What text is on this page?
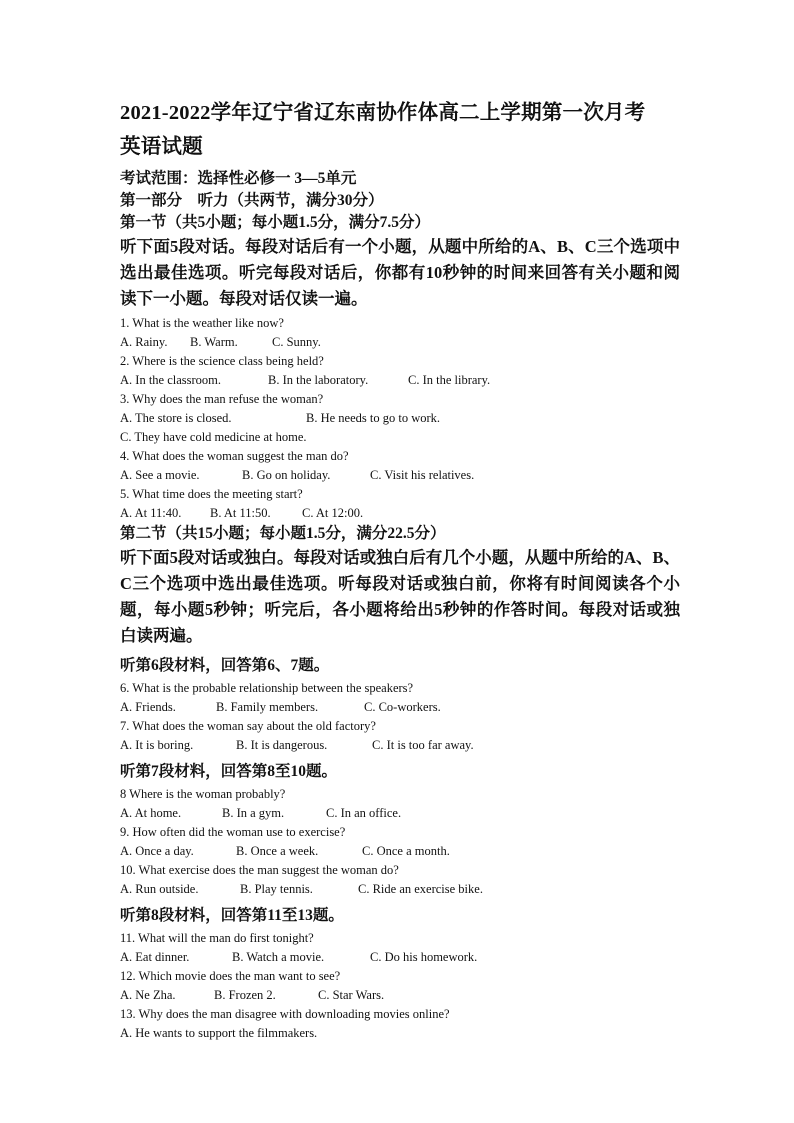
2021-2022学年辽宁省辽东南协作体高二上学期第一次月考

英语试题

考试范围：选择性必修一 3—5单元

第一部分　听力（共两节，满分30分）

第一节（共5小题；每小题1.5分，满分7.5分）

听下面5段对话。每段对话后有一个小题，从题中所给的A、B、C三个选项中选出最佳选项。听完每段对话后，你都有10秒钟的时间来回答有关小题和阅读下一小题。每段对话仅读一遍。

1. What is the weather like now?

A. Rainy. B. Warm.	C. Sunny.

2. Where is the science class being held?

A. In the classroom.	B. In the laboratory.	C. In the library.

3. Why does the man refuse the woman?

A. The store is closed.	B. He needs to go to work.

C. They have cold medicine at home.

4. What does the woman suggest the man do?

A. See a movie.	B. Go on holiday.	C. Visit his relatives.

5. What time does the meeting start?

A. At 11:40. B. At 11:50.	C. At 12:00.

第二节（共15小题；每小题1.5分，满分22.5分）

听下面5段对话或独白。每段对话或独白后有几个小题，从题中所给的A、B、C三个选项中选出最佳选项。听每段对话或独白前，你将有时间阅读各个小题，每小题5秒钟；听完后，各小题将给出5秒钟的作答时间。每段对话或独白读两遍。

听第6段材料，回答第6、7题。

6. What is the probable relationship between the speakers?

A. Friends.	B. Family members.	C. Co-workers.

7. What does the woman say about the old factory?

A. It is boring.	B. It is dangerous.	C. It is too far away.

听第7段材料，回答第8至10题。

8 Where is the woman probably?

A. At home.	B. In a gym.	C. In an office.

9. How often did the woman use to exercise?

A. Once a day.	B. Once a week.	C. Once a month.

10. What exercise does the man suggest the woman do?

A. Run outside.	B. Play tennis.	C. Ride an exercise bike.

听第8段材料，回答第11至13题。

11. What will the man do first tonight?

A. Eat dinner.	B. Watch a movie.	C. Do his homework.

12. Which movie does the man want to see?

A. Ne Zha.	B. Frozen 2.	C. Star Wars.

13. Why does the man disagree with downloading movies online?

A. He wants to support the filmmakers.
